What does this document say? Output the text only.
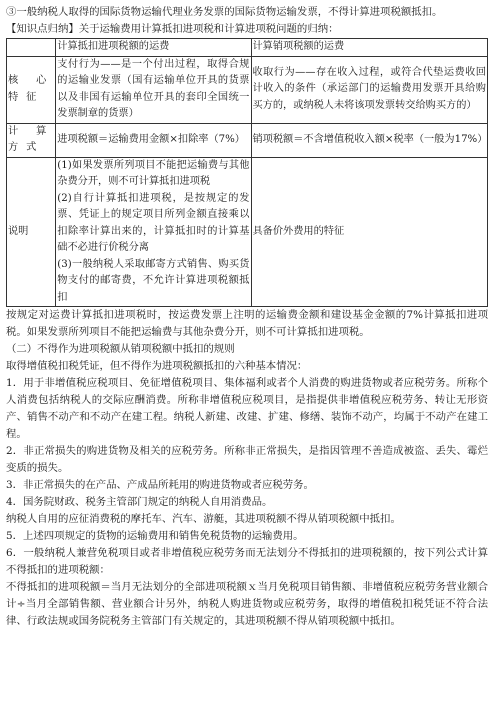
③一般纳税人取得的国际货物运输代理业务发票的国际货物运输发票，不得计算进项税额抵扣。

【知识点归纳】关于运输费用计算抵扣进项税和计算进项税问题的归纳：

	计算抵扣进项税额的运费	计算销项税额的运费
核心特征	支付行为——是一个付出过程，取得合规的运输业发票（国有运输单位开具的货票以及非国有运输单位开具的套印全国统一发票制章的货票）	收取行为——存在收入过程，或符合代垫运费收回计收入的条件（承运部门的运输费用发票开具给购买方的，或纳税人未将该项发票转交给购买方的）
计算方式	进项税额＝运输费用金额×扣除率（7%）	销项税额＝不含增值税收入额×税率（一般为17%）
说明	(1)如果发票所列项目不能把运输费与其他杂费分开，则不可计算抵扣进项税
(2)自行计算抵扣进项税，是按规定的发票、凭证上的规定项目所列金额直接乘以扣除率计算出来的，计算抵扣时的计算基础不必进行价税分离
(3)一般纳税人采取邮寄方式销售、购买货物支付的邮寄费，不允许计算进项税额抵扣	具备价外费用的特征

按规定对运费计算抵扣进项税时，按运费发票上注明的运输费金额和建设基金金额的7%计算抵扣进项税。如果发票所列项目不能把运输费与其他杂费分开，则不可计算抵扣进项税。

（二）不得作为进项税额从销项税额中抵扣的规则

取得增值税扣税凭证，但不得作为进项税额抵扣的六种基本情况：

1．用于非增值税应税项目、免征增值税项目、集体福利或者个人消费的购进货物或者应税劳务。所称个人消费包括纳税人的交际应酬消费。所称非增值税应税项目，是指提供非增值税应税劳务、转让无形资产、销售不动产和不动产在建工程。纳税人新建、改建、扩建、修缮、装饰不动产，均属于不动产在建工程。

2．非正常损失的购进货物及相关的应税劳务。所称非正常损失，是指因管理不善造成被盗、丢失、霉烂变质的损失。

3．非正常损失的在产品、产成品所耗用的购进货物或者应税劳务。

4．国务院财政、税务主管部门规定的纳税人自用消费品。

纳税人自用的应征消费税的摩托车、汽车、游艇，其进项税额不得从销项税额中抵扣。

5．上述四项规定的货物的运输费用和销售免税货物的运输费用。

6．一般纳税人兼营免税项目或者非增值税应税劳务而无法划分不得抵扣的进项税额的，按下列公式计算不得抵扣的进项税额：

不得抵扣的进项税额＝当月无法划分的全部进项税额ｘ当月免税项目销售额、非增值税应税劳务营业额合计÷当月全部销售额、营业额合计另外，纳税人购进货物或应税劳务，取得的增值税扣税凭证不符合法律、行政法规或国务院税务主管部门有关规定的，其进项税额不得从销项税额中抵扣。
